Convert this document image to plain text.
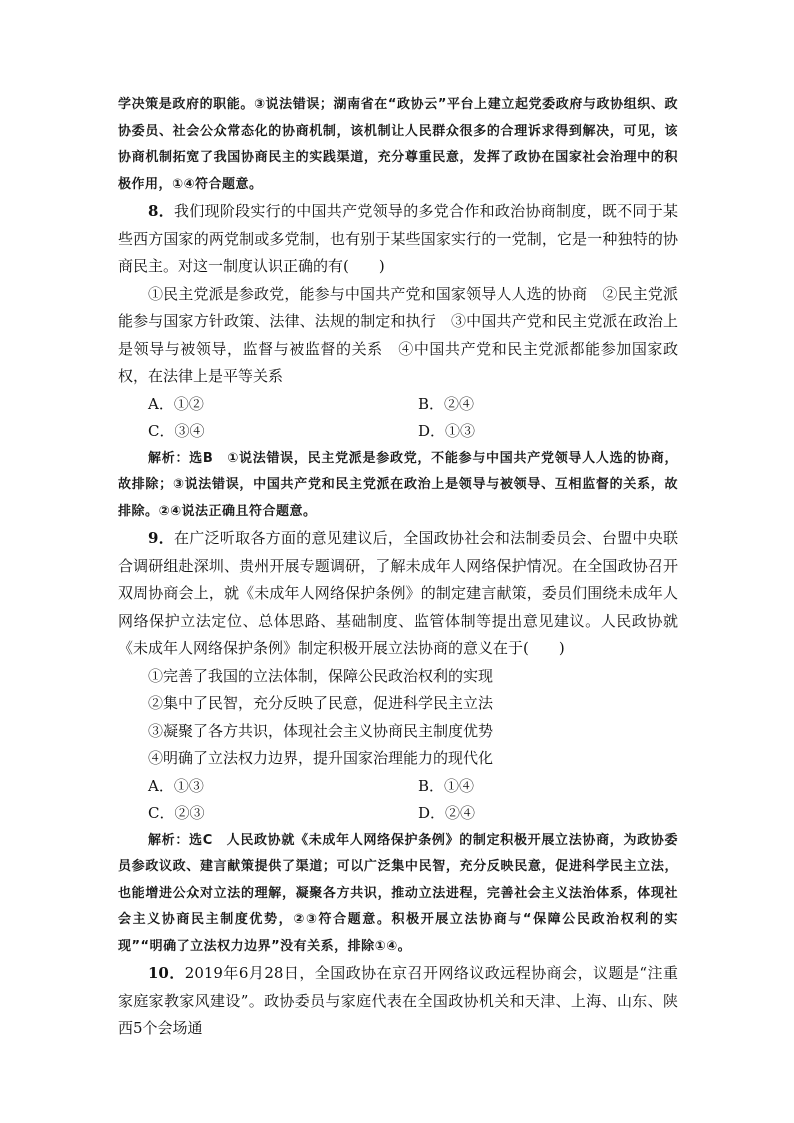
学决策是政府的职能。③说法错误；湖南省在“政协云”平台上建立起党委政府与政协组织、政协委员、社会公众常态化的协商机制，该机制让人民群众很多的合理诉求得到解决，可见，该协商机制拓宽了我国协商民主的实践渠道，充分尊重民意，发挥了政协在国家社会治理中的积极作用，①④符合题意。

8．我们现阶段实行的中国共产党领导的多党合作和政治协商制度，既不同于某些西方国家的两党制或多党制，也有别于某些国家实行的一党制，它是一种独特的协商民主。对这一制度认识正确的有(　　)

①民主党派是参政党，能参与中国共产党和国家领导人人选的协商　②民主党派能参与国家方针政策、法律、法规的制定和执行　③中国共产党和民主党派在政治上是领导与被领导，监督与被监督的关系　④中国共产党和民主党派都能参加国家政权，在法律上是平等关系

A．①②	B．②④
C．③④	D．①③

解析：选B　①说法错误，民主党派是参政党，不能参与中国共产党领导人人选的协商，故排除；③说法错误，中国共产党和民主党派在政治上是领导与被领导、互相监督的关系，故排除。②④说法正确且符合题意。

9．在广泛听取各方面的意见建议后，全国政协社会和法制委员会、台盟中央联合调研组赴深圳、贵州开展专题调研，了解未成年人网络保护情况。在全国政协召开双周协商会上，就《未成年人网络保护条例》的制定建言献策，委员们围绕未成年人网络保护立法定位、总体思路、基础制度、监管体制等提出意见建议。人民政协就《未成年人网络保护条例》制定积极开展立法协商的意义在于(　　)

①完善了我国的立法体制，保障公民政治权利的实现

②集中了民智，充分反映了民意，促进科学民主立法

③凝聚了各方共识，体现社会主义协商民主制度优势

④明确了立法权力边界，提升国家治理能力的现代化

A．①③	B．①④
C．②③	D．②④

解析：选C　人民政协就《未成年人网络保护条例》的制定积极开展立法协商，为政协委员参政议政、建言献策提供了渠道；可以广泛集中民智，充分反映民意，促进科学民主立法，也能增进公众对立法的理解，凝聚各方共识，推动立法进程，完善社会主义法治体系，体现社会主义协商民主制度优势，②③符合题意。积极开展立法协商与“保障公民政治权利的实现”“明确了立法权力边界”没有关系，排除①④。

10．2019年6月28日，全国政协在京召开网络议政远程协商会，议题是“注重家庭家教家风建设”。政协委员与家庭代表在全国政协机关和天津、上海、山东、陕西5个会场通
